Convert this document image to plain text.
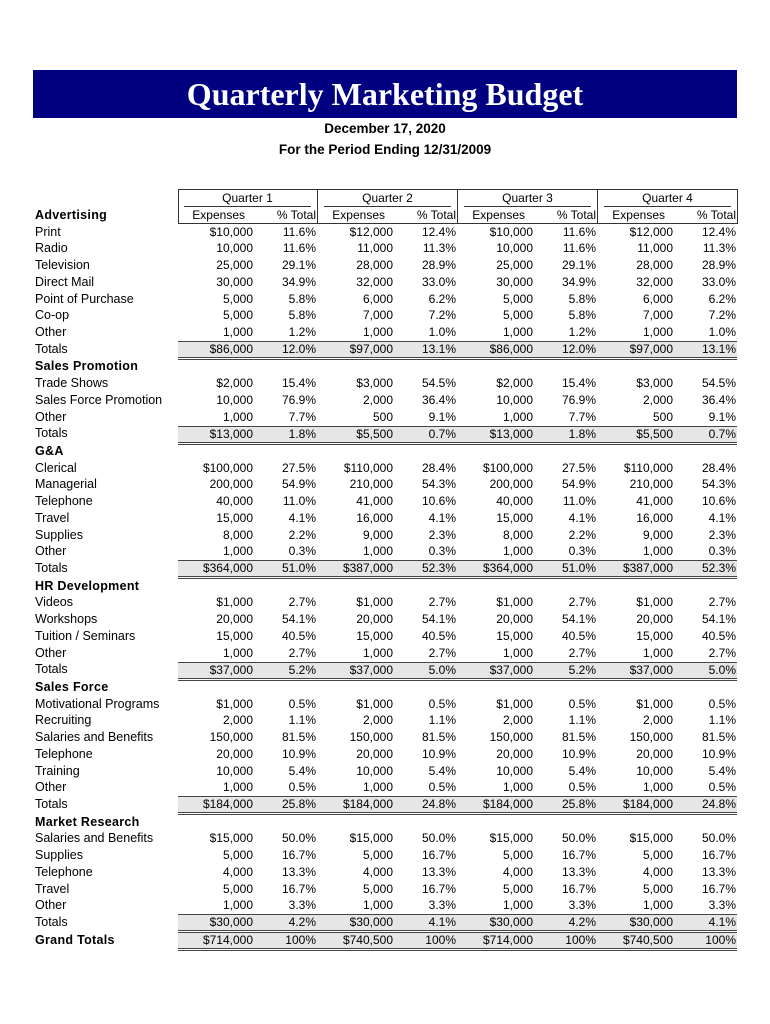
Quarterly Marketing Budget
December 17, 2020
For the Period Ending 12/31/2009
Quarter 1
Expenses	% Total
Quarter 2
Expenses	% Total
Quarter 3
Expenses	% Total
Quarter 4
Expenses	% Total
Advertising
Print	$10,000 11.6%	$12,000 12.4%	$10,000 11.6%	$12,000 12.4%
Radio	10,000 11.6%	11,000 11.3%	10,000 11.6%	11,000 11.3%
Television	25,000 29.1%	28,000 28.9%	25,000 29.1%	28,000 28.9%
Direct Mail	30,000 34.9%	32,000 33.0%	30,000 34.9%	32,000 33.0%
Point of Purchase	5,000	5.8%	6,000	6.2%	5,000	5.8%	6,000	6.2%
Co-op	5,000	5.8%	7,000	7.2%	5,000	5.8%	7,000	7.2%
Other	1,000	1.2%	1,000	1.0%	1,000	1.2%	1,000	1.0%
Totals	$86,000 12.0%	$97,000 13.1%	$86,000 12.0%	$97,000 13.1%
Sales Promotion
Trade Shows	$2,000 15.4%	$3,000 54.5%	$2,000 15.4%	$3,000 54.5%
Sales Force Promotion	10,000 76.9%	2,000 36.4%	10,000 76.9%	2,000 36.4%
Other	1,000	7.7%	500	9.1%	1,000	7.7%	500	9.1%
Totals	$13,000	1.8%	$5,500	0.7%	$13,000	1.8%	$5,500	0.7%
G&A
Clerical	$100,000 27.5% $110,000 28.4% $100,000 27.5% $110,000 28.4%
Managerial	200,000 54.9%	210,000 54.3%	200,000 54.9%	210,000 54.3%
Telephone	40,000 11.0%	41,000 10.6%	40,000 11.0%	41,000 10.6%
Travel	15,000	4.1%	16,000	4.1%	15,000	4.1%	16,000	4.1%
Supplies	8,000	2.2%	9,000	2.3%	8,000	2.2%	9,000	2.3%
Other	1,000	0.3%	1,000	0.3%	1,000	0.3%	1,000	0.3%
Totals	$364,000 51.0% $387,000 52.3% $364,000 51.0% $387,000 52.3%
HR Development
Videos	$1,000	2.7%	$1,000	2.7%	$1,000	2.7%	$1,000	2.7%
Workshops	20,000 54.1%	20,000 54.1%	20,000 54.1%	20,000 54.1%
Tuition / Seminars	15,000 40.5%	15,000 40.5%	15,000 40.5%	15,000 40.5%
Other	1,000	2.7%	1,000	2.7%	1,000	2.7%	1,000	2.7%
Totals	$37,000	5.2%	$37,000	5.0%	$37,000	5.2%	$37,000	5.0%
Sales Force
Motivational Programs	$1,000	0.5%	$1,000	0.5%	$1,000	0.5%	$1,000	0.5%
Recruiting	2,000	1.1%	2,000	1.1%	2,000	1.1%	2,000	1.1%
Salaries and Benefits	150,000 81.5%	150,000 81.5%	150,000 81.5%	150,000 81.5%
Telephone	20,000 10.9%	20,000 10.9%	20,000 10.9%	20,000 10.9%
Training	10,000	5.4%	10,000	5.4%	10,000	5.4%	10,000	5.4%
Other	1,000	0.5%	1,000	0.5%	1,000	0.5%	1,000	0.5%
Totals	$184,000 25.8% $184,000 24.8% $184,000 25.8% $184,000 24.8%
Market Research
Salaries and Benefits	$15,000 50.0%	$15,000 50.0%	$15,000 50.0%	$15,000 50.0%
Supplies	5,000 16.7%	5,000 16.7%	5,000 16.7%	5,000 16.7%
Telephone	4,000 13.3%	4,000 13.3%	4,000 13.3%	4,000 13.3%
Travel	5,000 16.7%	5,000 16.7%	5,000 16.7%	5,000 16.7%
Other	1,000	3.3%	1,000	3.3%	1,000	3.3%	1,000	3.3%
Totals	$30,000	4.2%	$30,000	4.1%	$30,000	4.2%	$30,000	4.1%
Grand Totals	$714,000	100% $740,500	100% $714,000	100% $740,500	100%
